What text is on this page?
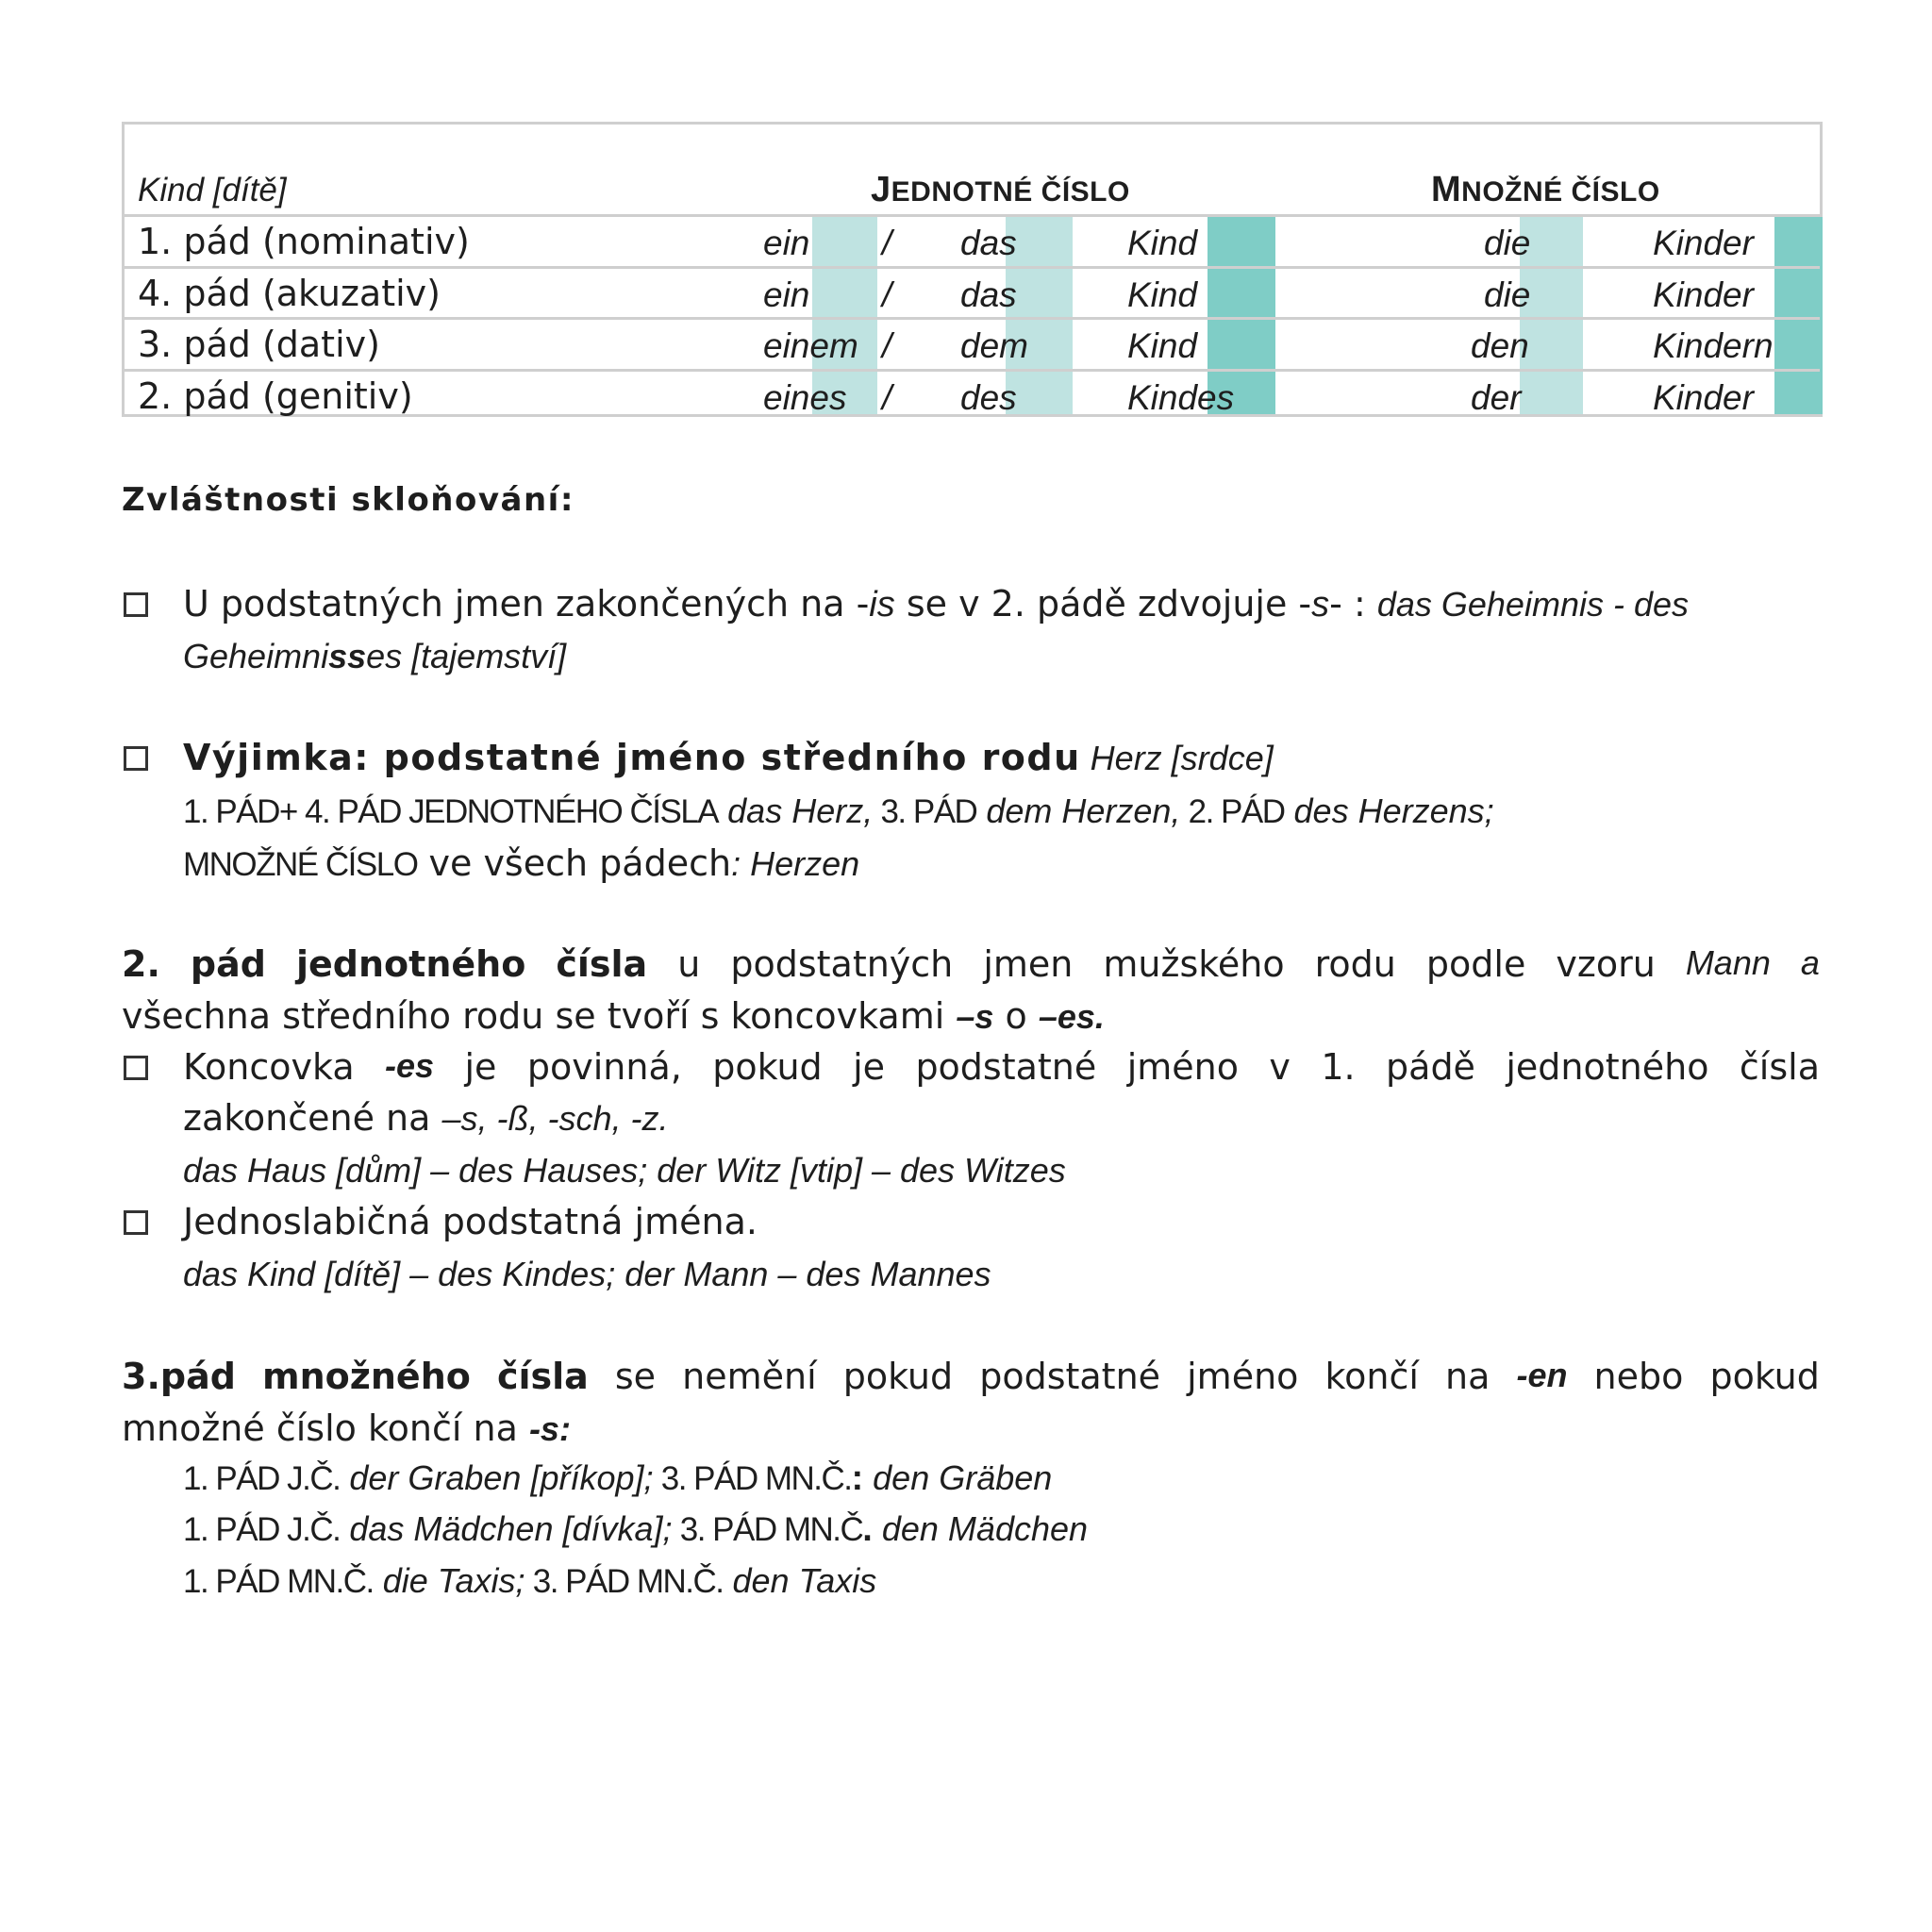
Kind [dítě]	JEDNOTNÉ ČÍSLO	MNOŽNÉ ČÍSLO
1. pád (nominativ)	ein / das	Kind	die	Kinder
4. pád (akuzativ)	ein / das	Kind	die	Kinder
3. pád (dativ)	einem / dem	Kind	den	Kindern
2. pád (genitiv)	eines / des	Kindes	der	Kinder
Zvláštnosti skloňování:
U podstatných jmen zakončených na -is se v 2. pádě zdvojuje -s- : das Geheimnis - des
Geheimnisses [tajemství]
Výjimka: podstatné jméno středního rodu Herz [srdce]
1. PÁD+ 4. PÁD JEDNOTNÉHO ČÍSLA das Herz, 3. PÁD dem Herzen, 2. PÁD des Herzens;
MNOŽNÉ ČÍSLO ve všech pádech: Herzen
2. pád jednotného čísla u podstatných jmen mužského rodu podle vzoru Mann a
všechna středního rodu se tvoří s koncovkami –s o –es.
Koncovka -es je povinná, pokud je podstatné jméno v 1. pádě jednotného čísla
zakončené na –s, -ß, -sch, -z.
das Haus [dům] – des Hauses; der Witz [vtip] – des Witzes
Jednoslabičná podstatná jména.
das Kind [dítě] – des Kindes; der Mann – des Mannes
3.pád množného čísla se nemění pokud podstatné jméno končí na -en nebo pokud
množné číslo končí na -s:
1. PÁD J.Č. der Graben [příkop]; 3. PÁD MN.Č.: den Gräben
1. PÁD J.Č. das Mädchen [dívka]; 3. PÁD MN.Č. den Mädchen
1. PÁD MN.Č. die Taxis; 3. PÁD MN.Č. den Taxis
